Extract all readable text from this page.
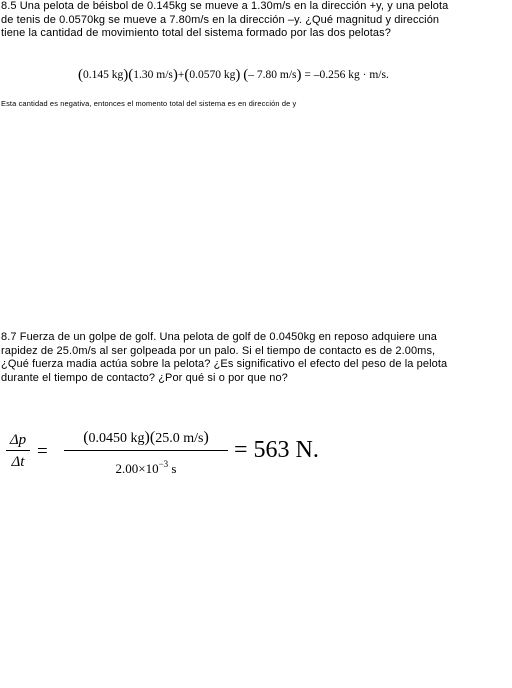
8.5 Una pelota de béisbol de 0.145kg se mueve a 1.30m/s en la dirección +y, y una pelota de tenis de 0.0570kg se mueve a 7.80m/s en la dirección –y. ¿Qué magnitud y dirección tiene la cantidad de movimiento total del sistema formado por las dos pelotas?

(0.145 kg)(1.30 m/s)+(0.0570 kg) (– 7.80 m/s) = –0.256 kg · m/s.

Esta cantidad es negativa, entonces el momento total del sistema es en dirección de y

8.7 Fuerza de un golpe de golf. Una pelota de golf de 0.0450kg en reposo adquiere una rapidez de 25.0m/s al ser golpeada por un palo. Si el tiempo de contacto es de 2.00ms, ¿Qué fuerza madia actúa sobre la pelota? ¿Es significativo el efecto del peso de la pelota durante el tiempo de contacto? ¿Por qué si o por que no?

Δp
Δt =
(0.0450 kg)(25.0 m/s)
$2.00\times 10^{-3}$ s
= 563 N.
